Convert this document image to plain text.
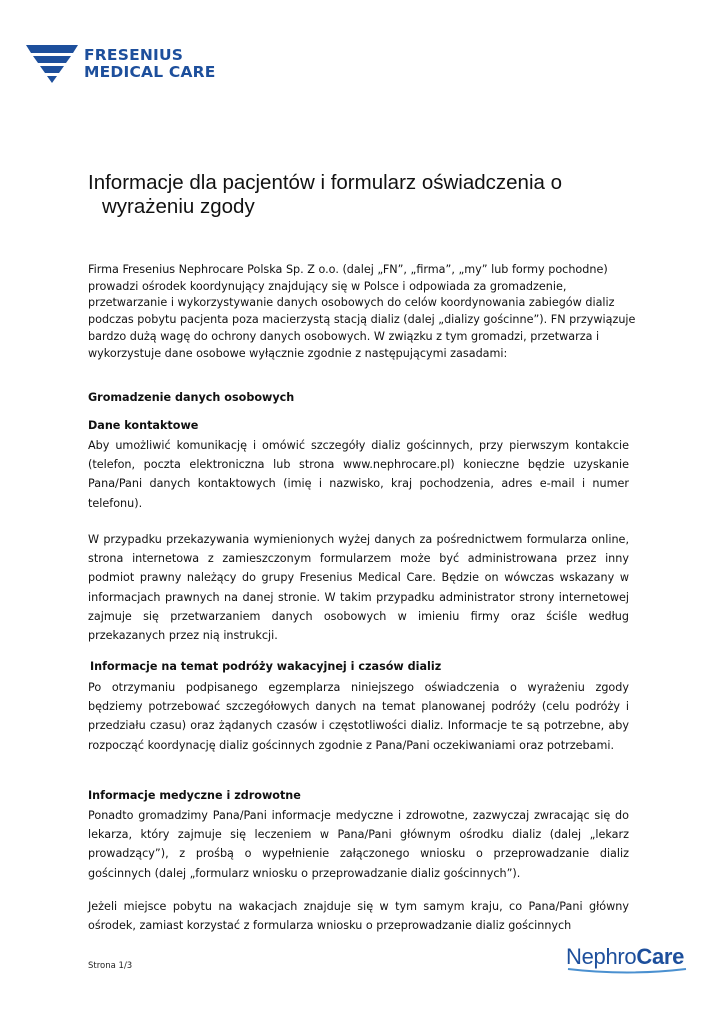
FRESENIUS
MEDICAL CARE
Informacje dla pacjentów i formularz oświadczenia o
wyrażeniu zgody
Firma Fresenius Nephrocare Polska Sp. Z o.o. (dalej „FN”, „firma”, „my” lub formy pochodne) prowadzi ośrodek koordynujący znajdujący się w Polsce i odpowiada za gromadzenie, przetwarzanie i wykorzystywanie danych osobowych do celów koordynowania zabiegów dializ podczas pobytu pacjenta poza macierzystą stacją dializ (dalej „dializy gościnne”). FN przywiązuje bardzo dużą wagę do ochrony danych osobowych. W związku z tym gromadzi, przetwarza i wykorzystuje dane osobowe wyłącznie zgodnie z następującymi zasadami:
Gromadzenie danych osobowych
Dane kontaktowe
Aby umożliwić komunikację i omówić szczegóły dializ gościnnych, przy pierwszym kontakcie (telefon, poczta elektroniczna lub strona www.nephrocare.pl) konieczne będzie uzyskanie Pana/Pani danych kontaktowych (imię i nazwisko, kraj pochodzenia, adres e-mail i numer telefonu).
W przypadku przekazywania wymienionych wyżej danych za pośrednictwem formularza online, strona internetowa z zamieszczonym formularzem może być administrowana przez inny podmiot prawny należący do grupy Fresenius Medical Care. Będzie on wówczas wskazany w informacjach prawnych na danej stronie. W takim przypadku administrator strony internetowej zajmuje się przetwarzaniem danych osobowych w imieniu firmy oraz ściśle według przekazanych przez nią instrukcji.
Informacje na temat podróży wakacyjnej i czasów dializ
Po otrzymaniu podpisanego egzemplarza niniejszego oświadczenia o wyrażeniu zgody będziemy potrzebować szczegółowych danych na temat planowanej podróży (celu podróży i przedziału czasu) oraz żądanych czasów i częstotliwości dializ. Informacje te są potrzebne, aby rozpocząć koordynację dializ gościnnych zgodnie z Pana/Pani oczekiwaniami oraz potrzebami.
Informacje medyczne i zdrowotne
Ponadto gromadzimy Pana/Pani informacje medyczne i zdrowotne, zazwyczaj zwracając się do lekarza, który zajmuje się leczeniem w Pana/Pani głównym ośrodku dializ (dalej „lekarz prowadzący”), z prośbą o wypełnienie załączonego wniosku o przeprowadzanie dializ gościnnych (dalej „formularz wniosku o przeprowadzanie dializ gościnnych”).
Jeżeli miejsce pobytu na wakacjach znajduje się w tym samym kraju, co Pana/Pani główny ośrodek, zamiast korzystać z formularza wniosku o przeprowadzanie dializ gościnnych
Strona 1/3	NephroCare
